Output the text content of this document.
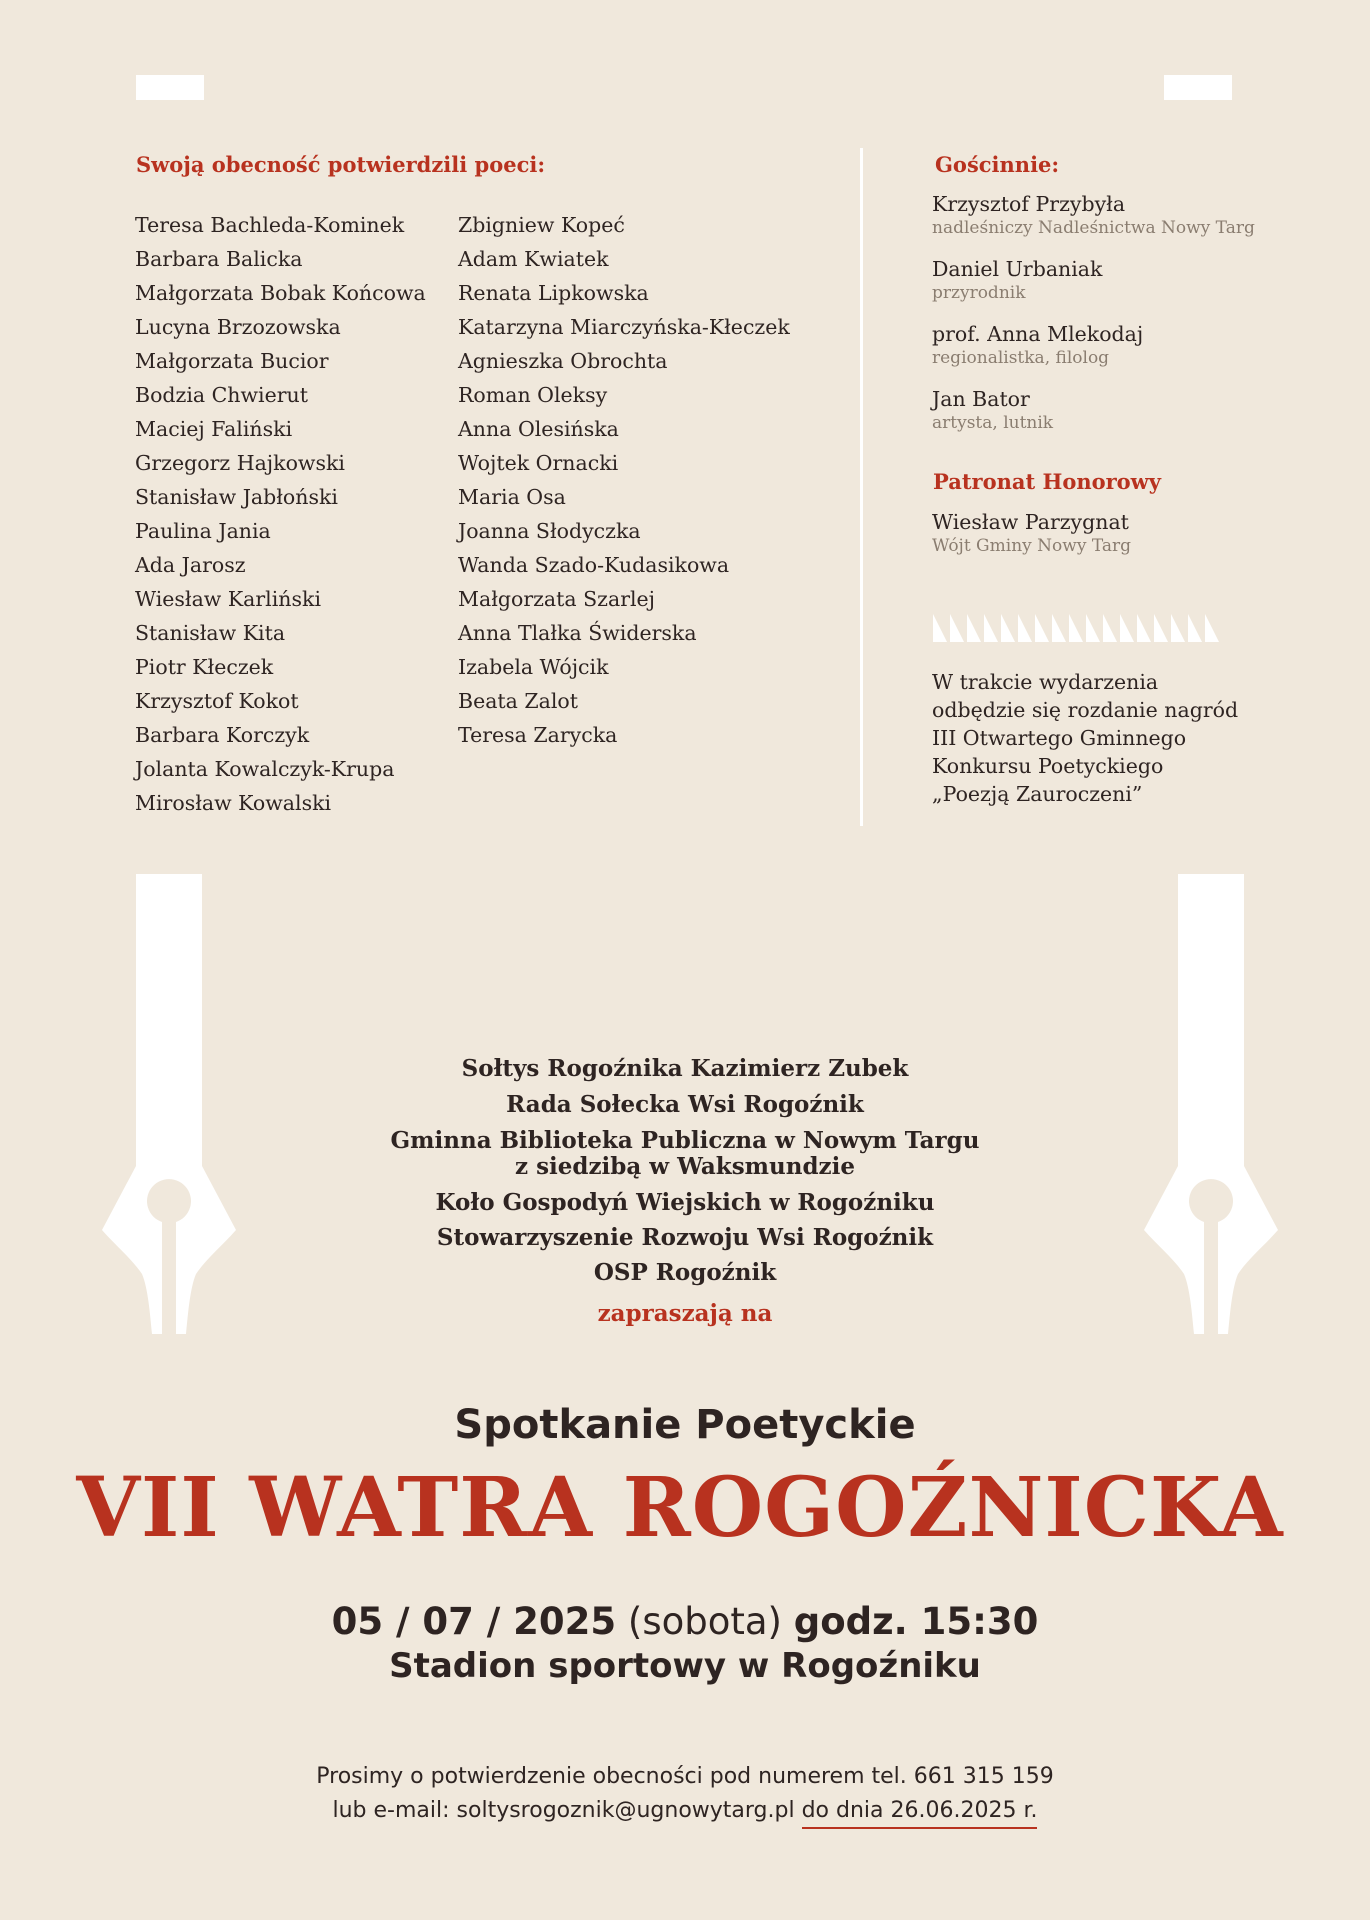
Swoją obecność potwierdzili poeci:
Teresa Bachleda-Kominek
Barbara Balicka
Małgorzata Bobak Końcowa
Lucyna Brzozowska
Małgorzata Bucior
Bodzia Chwierut
Maciej Faliński
Grzegorz Hajkowski
Stanisław Jabłoński
Paulina Jania
Ada Jarosz
Wiesław Karliński
Stanisław Kita
Piotr Kłeczek
Krzysztof Kokot
Barbara Korczyk
Jolanta Kowalczyk-Krupa
Mirosław Kowalski
Zbigniew Kopeć
Adam Kwiatek
Renata Lipkowska
Katarzyna Miarczyńska-Kłeczek
Agnieszka Obrochta
Roman Oleksy
Anna Olesińska
Wojtek Ornacki
Maria Osa
Joanna Słodyczka
Wanda Szado-Kudasikowa
Małgorzata Szarlej
Anna Tlałka Świderska
Izabela Wójcik
Beata Zalot
Teresa Zarycka
Gościnnie:
Krzysztof Przybyła
nadleśniczy Nadleśnictwa Nowy Targ
Daniel Urbaniak
przyrodnik
prof. Anna Mlekodaj
regionalistka, filolog
Jan Bator
artysta, lutnik
Patronat Honorowy
Wiesław Parzygnat
Wójt Gminy Nowy Targ
W trakcie wydarzenia
odbędzie się rozdanie nagród
III Otwartego Gminnego
Konkursu Poetyckiego
„Poezją Zauroczeni”
Sołtys Rogoźnika Kazimierz Zubek
Rada Sołecka Wsi Rogoźnik
Gminna Biblioteka Publiczna w Nowym Targu
z siedzibą w Waksmundzie
Koło Gospodyń Wiejskich w Rogoźniku
Stowarzyszenie Rozwoju Wsi Rogoźnik
OSP Rogoźnik
zapraszają na
Spotkanie Poetyckie
VII WATRA ROGOŹNICKA
05 / 07 / 2025 (sobota) godz. 15:30
Stadion sportowy w Rogoźniku
Prosimy o potwierdzenie obecności pod numerem tel. 661 315 159
lub e-mail: soltysrogoznik@ugnowytarg.pl do dnia 26.06.2025 r.
